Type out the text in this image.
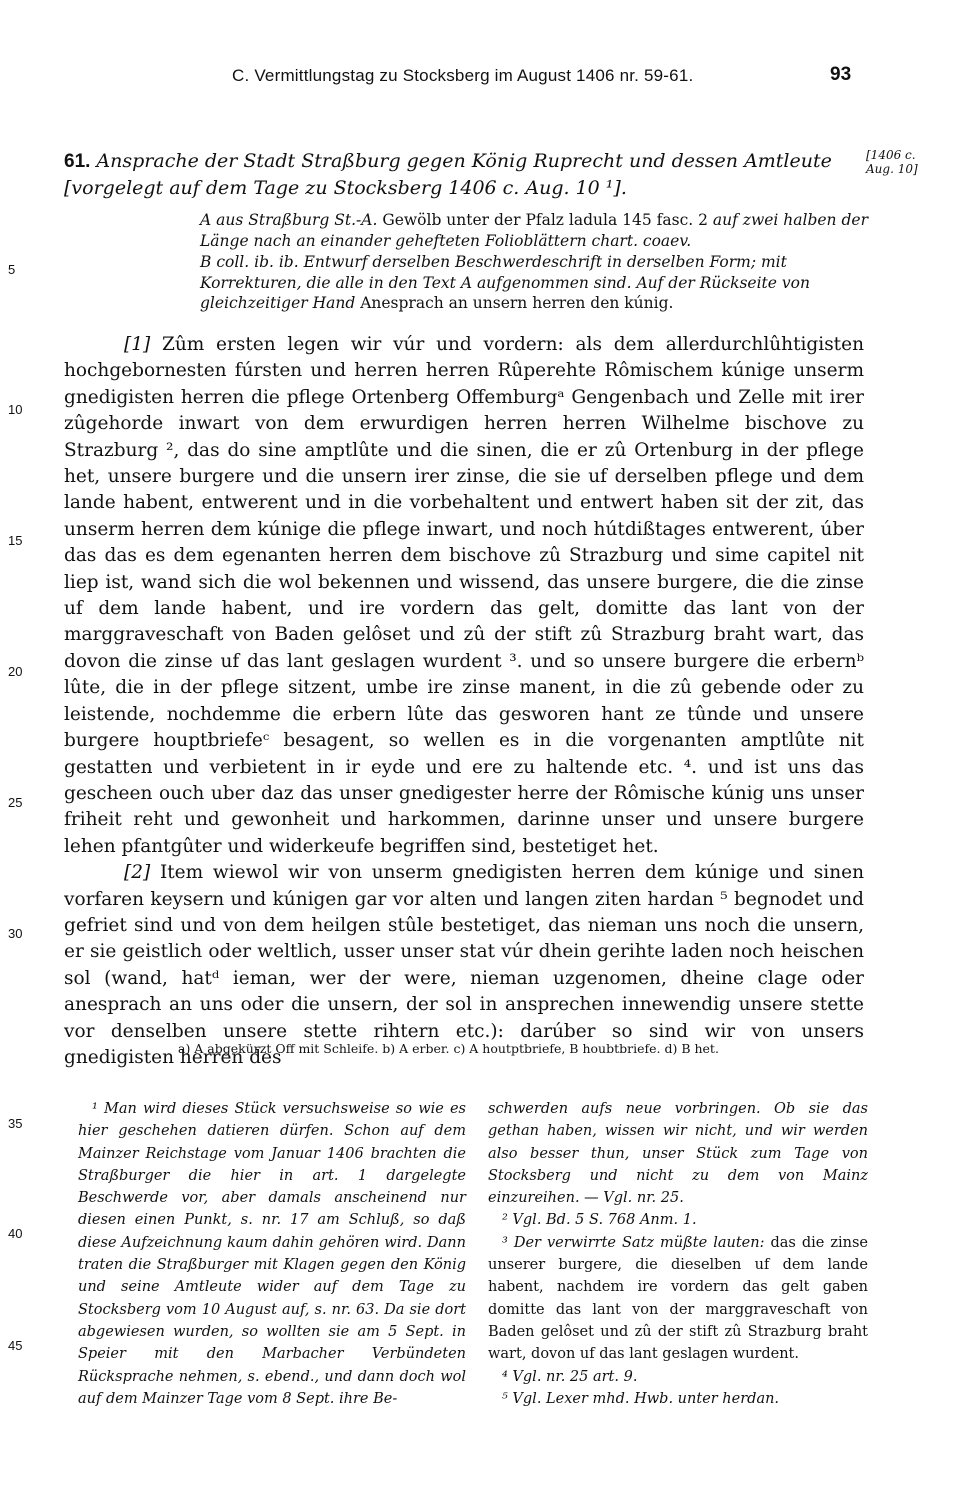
C. Vermittlungstag zu Stocksberg im August 1406 nr. 59-61.	93
61. Ansprache der Stadt Straßburg gegen König Ruprecht und dessen Amtleute [vorgelegt auf dem Tage zu Stocksberg 1406 c. Aug. 10 ¹].
[1406 c. Aug. 10]

A aus Straßburg St.-A. Gewölb unter der Pfalz ladula 145 fasc. 2 auf zwei halben der Länge nach an einander gehefteten Folioblättern chart. coaev.

B coll. ib. ib. Entwurf derselben Beschwerdeschrift in derselben Form; mit Korrekturen, die alle in den Text A aufgenommen sind. Auf der Rückseite von gleichzeitiger Hand Anesprach an unsern herren den kúnig.

5
10
15
20
25
30
35
40
45

[1] Zûm ersten legen wir vúr und vordern: als dem allerdurchlûhtigisten hochgebornesten fúrsten und herren herren Rûperehte Rômischem kúnige unserm gnedigisten herren die pflege Ortenberg Offemburgᵃ Gengenbach und Zelle mit irer zûgehorde inwart von dem erwurdigen herren herren Wilhelme bischove zu Strazburg ², das do sine amptlûte und die sinen, die er zû Ortenburg in der pflege het, unsere burgere und die unsern irer zinse, die sie uf derselben pflege und dem lande habent, entwerent und in die vorbehaltent und entwert haben sit der zit, das unserm herren dem kúnige die pflege inwart, und noch hútdißtages entwerent, úber das das es dem egenanten herren dem bischove zû Strazburg und sime capitel nit liep ist, wand sich die wol bekennen und wissend, das unsere burgere, die die zinse uf dem lande habent, und ire vordern das gelt, domitte das lant von der marggraveschaft von Baden gelôset und zû der stift zû Strazburg braht wart, das dovon die zinse uf das lant geslagen wurdent ³. und so unsere burgere die erbernᵇ lûte, die in der pflege sitzent, umbe ire zinse manent, in die zû gebende oder zu leistende, nochdemme die erbern lûte das gesworen hant ze tûnde und unsere burgere houptbriefeᶜ besagent, so wellen es in die vorgenanten amptlûte nit gestatten und verbietent in ir eyde und ere zu haltende etc. ⁴. und ist uns das gescheen ouch uber daz das unser gnedigester herre der Rômische kúnig uns unser friheit reht und gewonheit und harkommen, darinne unser und unsere burgere lehen pfantgûter und widerkeufe begriffen sind, bestetiget het.

[2] Item wiewol wir von unserm gnedigisten herren dem kúnige und sinen vorfaren keysern und kúnigen gar vor alten und langen ziten hardan ⁵ begnodet und gefriet sind und von dem heilgen stûle bestetiget, das nieman uns noch die unsern, er sie geistlich oder weltlich, usser unser stat vúr dhein gerihte laden noch heischen sol (wand, hatᵈ ieman, wer der were, nieman uzgenomen, dheine clage oder anesprach an uns oder die unsern, der sol in ansprechen innewendig unsere stette vor denselben unsere stette rihtern etc.): darúber so sind wir von unsers gnedigisten herren des

a) A abgekürzt Off mit Schleife. b) A erber. c) A houtptbriefe, B houbtbriefe. d) B het.

¹ Man wird dieses Stück versuchsweise so wie es hier geschehen datieren dürfen. Schon auf dem Mainzer Reichstage vom Januar 1406 brachten die Straßburger die hier in art. 1 dargelegte Beschwerde vor, aber damals anscheinend nur diesen einen Punkt, s. nr. 17 am Schluß, so daß diese Aufzeichnung kaum dahin gehören wird. Dann traten die Straßburger mit Klagen gegen den König und seine Amtleute wider auf dem Tage zu Stocksberg vom 10 August auf, s. nr. 63. Da sie dort abgewiesen wurden, so wollten sie am 5 Sept. in Speier mit den Marbacher Verbündeten Rücksprache nehmen, s. ebend., und dann doch wol auf dem Mainzer Tage vom 8 Sept. ihre Be-

schwerden aufs neue vorbringen. Ob sie das gethan haben, wissen wir nicht, und wir werden also besser thun, unser Stück zum Tage von Stocksberg und nicht zu dem von Mainz einzureihen. — Vgl. nr. 25.

² Vgl. Bd. 5 S. 768 Anm. 1.

³ Der verwirrte Satz müßte lauten: das die zinse unserer burgere, die dieselben uf dem lande habent, nachdem ire vordern das gelt gaben domitte das lant von der marggraveschaft von Baden gelôset und zû der stift zû Strazburg braht wart, dovon uf das lant geslagen wurdent.

⁴ Vgl. nr. 25 art. 9.

⁵ Vgl. Lexer mhd. Hwb. unter herdan.
